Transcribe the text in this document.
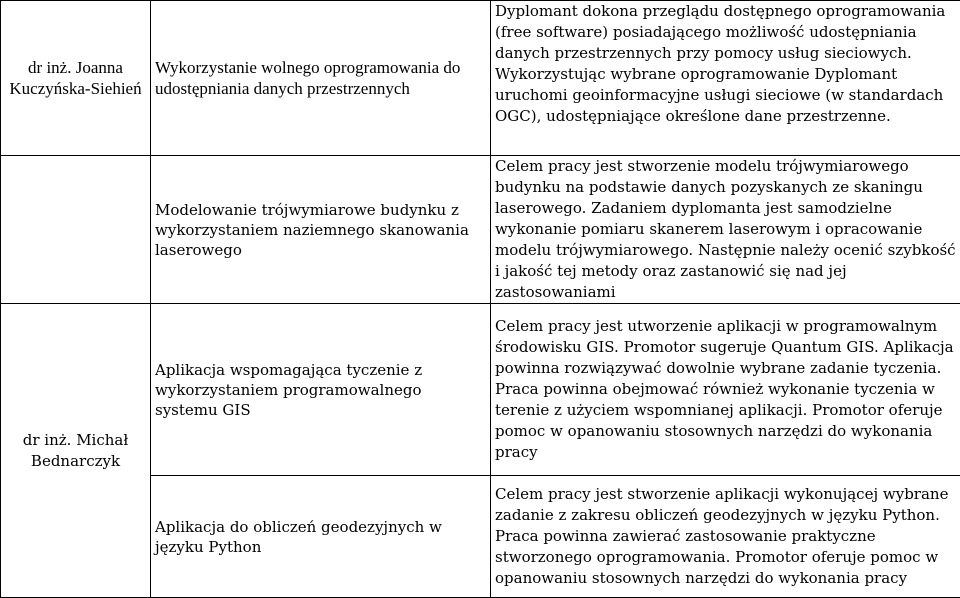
dr inż. Joanna Kuczyńska-Siehień	Wykorzystanie wolnego oprogramowania do udostępniania danych przestrzennych	Dyplomant dokona przeglądu dostępnego oprogramowania (free software) posiadającego możliwość udostępniania danych przestrzennych przy pomocy usług sieciowych. Wykorzystując wybrane oprogramowanie Dyplomant uruchomi geoinformacyjne usługi sieciowe (w standardach OGC), udostępniające określone dane przestrzenne.
	Modelowanie trójwymiarowe budynku z wykorzystaniem naziemnego skanowania laserowego	Celem pracy jest stworzenie modelu trójwymiarowego budynku na podstawie danych pozyskanych ze skaningu laserowego. Zadaniem dyplomanta jest samodzielne wykonanie pomiaru skanerem laserowym i opracowanie modelu trójwymiarowego. Następnie należy ocenić szybkość i jakość tej metody oraz zastanowić się nad jej zastosowaniami
dr inż. Michał Bednarczyk	Aplikacja wspomagająca tyczenie z wykorzystaniem programowalnego systemu GIS	Celem pracy jest utworzenie aplikacji w programowalnym środowisku GIS. Promotor sugeruje Quantum GIS. Aplikacja powinna rozwiązywać dowolnie wybrane zadanie tyczenia. Praca powinna obejmować również wykonanie tyczenia w terenie z użyciem wspomnianej aplikacji. Promotor oferuje pomoc w opanowaniu stosownych narzędzi do wykonania pracy
	Aplikacja do obliczeń geodezyjnych w języku Python	Celem pracy jest stworzenie aplikacji wykonującej wybrane zadanie z zakresu obliczeń geodezyjnych w języku Python. Praca powinna zawierać zastosowanie praktyczne stworzonego oprogramowania. Promotor oferuje pomoc w opanowaniu stosownych narzędzi do wykonania pracy
